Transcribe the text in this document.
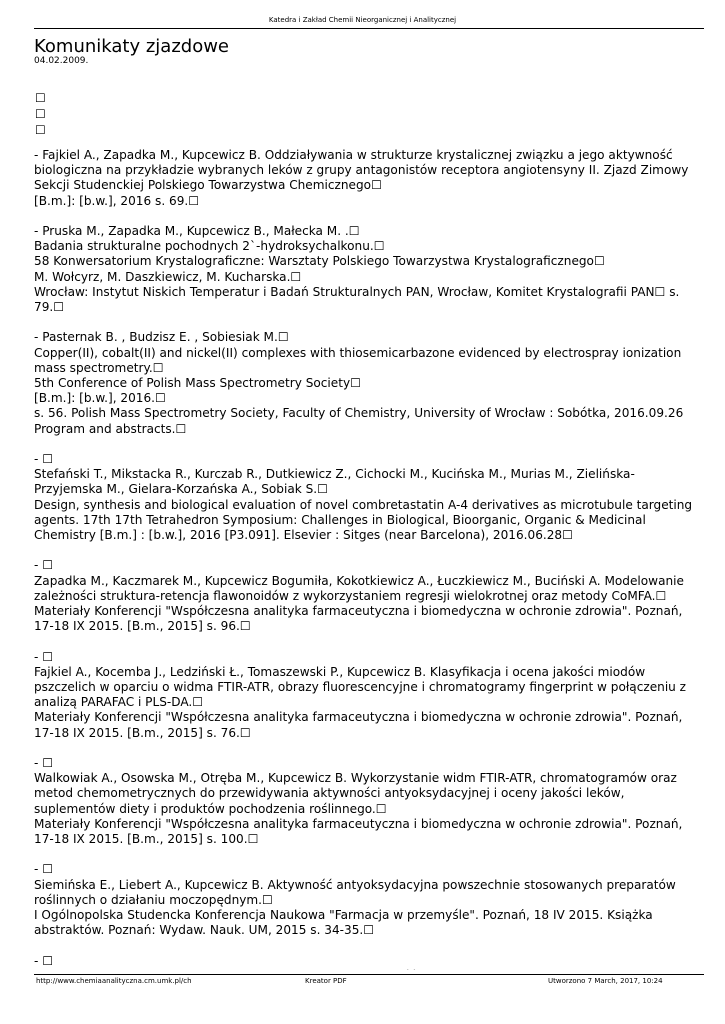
Katedra i Zakład Chemii Nieorganicznej i Analitycznej
Komunikaty zjazdowe
04.02.2009.
☐
☐
☐
- Fajkiel A., Zapadka M., Kupcewicz B. Oddziaływania w strukturze krystalicznej związku a jego aktywność biologiczna na przykładzie wybranych leków z grupy antagonistów receptora angiotensyny II. Zjazd Zimowy Sekcji Studenckiej Polskiego Towarzystwa Chemicznego☐
[B.m.]: [b.w.], 2016 s. 69.☐
- Pruska M., Zapadka M., Kupcewicz B., Małecka M. .☐
Badania strukturalne pochodnych 2`-hydroksychalkonu.☐
58 Konwersatorium Krystalograficzne: Warsztaty Polskiego Towarzystwa Krystalograficznego☐
M. Wołcyrz, M. Daszkiewicz, M. Kucharska.☐
Wrocław: Instytut Niskich Temperatur i Badań Strukturalnych PAN, Wrocław, Komitet Krystalografii PAN☐ s. 79.☐
- Pasternak B. , Budzisz E. , Sobiesiak M.☐
Copper(II), cobalt(II) and nickel(II) complexes with thiosemicarbazone evidenced by electrospray ionization mass spectrometry.☐
5th Conference of Polish Mass Spectrometry Society☐
[B.m.]: [b.w.], 2016.☐
s. 56. Polish Mass Spectrometry Society, Faculty of Chemistry, University of Wrocław : Sobótka, 2016.09.26 Program and abstracts.☐
- ☐
Stefański T., Mikstacka R., Kurczab R., Dutkiewicz Z., Cichocki M., Kucińska M., Murias M., Zielińska-Przyjemska M., Gielara-Korzańska A., Sobiak S.☐
Design, synthesis and biological evaluation of novel combretastatin A-4 derivatives as microtubule targeting agents. 17th 17th Tetrahedron Symposium: Challenges in Biological, Bioorganic, Organic & Medicinal Chemistry [B.m.] : [b.w.], 2016 [P3.091]. Elsevier : Sitges (near Barcelona), 2016.06.28☐
- ☐
Zapadka M., Kaczmarek M., Kupcewicz Bogumiła, Kokotkiewicz A., Łuczkiewicz M., Buciński A. Modelowanie zależności struktura-retencja flawonoidów z wykorzystaniem regresji wielokrotnej oraz metody CoMFA.☐
Materiały Konferencji "Współczesna analityka farmaceutyczna i biomedyczna w ochronie zdrowia". Poznań, 17-18 IX 2015. [B.m., 2015] s. 96.☐
- ☐
Fajkiel A., Kocemba J., Ledziński Ł., Tomaszewski P., Kupcewicz B. Klasyfikacja i ocena jakości miodów pszczelich w oparciu o widma FTIR-ATR, obrazy fluorescencyjne i chromatogramy fingerprint w połączeniu z analizą PARAFAC i PLS-DA.☐
Materiały Konferencji "Współczesna analityka farmaceutyczna i biomedyczna w ochronie zdrowia". Poznań, 17-18 IX 2015. [B.m., 2015] s. 76.☐
- ☐
Walkowiak A., Osowska M., Otręba M., Kupcewicz B. Wykorzystanie widm FTIR-ATR, chromatogramów oraz metod chemometrycznych do przewidywania aktywności antyoksydacyjnej i oceny jakości leków, suplementów diety i produktów pochodzenia roślinnego.☐
Materiały Konferencji "Współczesna analityka farmaceutyczna i biomedyczna w ochronie zdrowia". Poznań, 17-18 IX 2015. [B.m., 2015] s. 100.☐
- ☐
Siemińska E., Liebert A., Kupcewicz B. Aktywność antyoksydacyjna powszechnie stosowanych preparatów roślinnych o działaniu moczopędnym.☐
I Ogólnopolska Studencka Konferencja Naukowa "Farmacja w przemyśle". Poznań, 18 IV 2015. Książka abstraktów. Poznań: Wydaw. Nauk. UM, 2015 s. 34-35.☐
- ☐
http://www.chemiaanalityczna.cm.umk.pl/ch	Kreator PDF	Utworzono 7 March, 2017, 10:24
